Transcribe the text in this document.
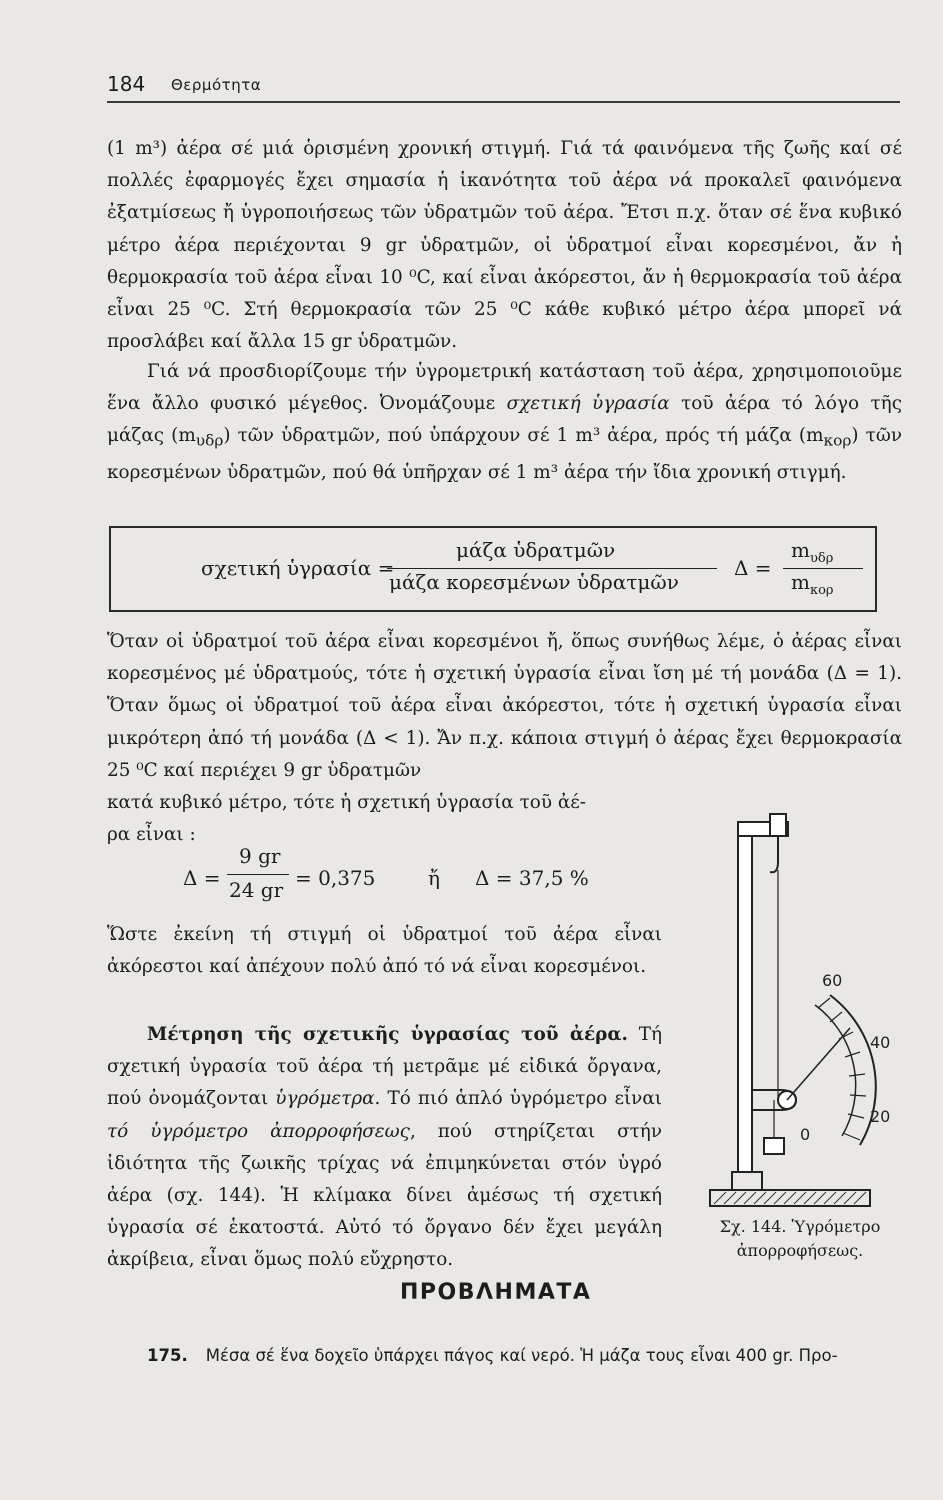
184 Θερμότητα

(1 m³) ἀέρα σέ μιά ὁρισμένη χρονική στιγμή. Γιά τά φαινόμενα τῆς ζωῆς καί σέ πολλές ἐφαρμογές ἔχει σημασία ἡ ἱκανότητα τοῦ ἀέρα νά προκαλεῖ φαινόμενα ἐξατμίσεως ἤ ὑγροποιήσεως τῶν ὑδρατμῶν τοῦ ἀέρα. Ἔτσι π.χ. ὅταν σέ ἕνα κυβικό μέτρο ἀέρα περιέχονται 9 gr ὑδρατμῶν, οἱ ὑδρατμοί εἶναι κορεσμένοι, ἄν ἡ θερμοκρασία τοῦ ἀέρα εἶναι 10 ⁰C, καί εἶναι ἀκόρεστοι, ἄν ἡ θερμοκρασία τοῦ ἀέρα εἶναι 25 ⁰C. Στή θερμοκρασία τῶν 25 ⁰C κάθε κυβικό μέτρο ἀέρα μπορεῖ νά προσλάβει καί ἄλλα 15 gr ὑδρατμῶν.

Γιά νά προσδιορίζουμε τήν ὑγρομετρική κατάσταση τοῦ ἀέρα, χρησιμοποιοῦμε ἕνα ἄλλο φυσικό μέγεθος. Ὀνομάζουμε σχετική ὑγρασία τοῦ ἀέρα τό λόγο τῆς μάζας $(m_{\upsilon\delta\rho})$ τῶν ὑδρατμῶν, πού ὑπάρχουν σέ 1 m³ ἀέρα, πρός τή μάζα $(m_{\kappa o\rho})$ τῶν κορεσμένων ὑδρατμῶν, πού θά ὑπῆρχαν σέ 1 m³ ἀέρα τήν ἴδια χρονική στιγμή.

σχετική ὑγρασία =
μάζα ὑδρατμῶν
μάζα κορεσμένων ὑδρατμῶν
Δ =
$m_{\upsilon\delta\rho}$
$m_{\kappa o\rho}$

Ὅταν οἱ ὑδρατμοί τοῦ ἀέρα εἶναι κορεσμένοι ἤ, ὅπως συνήθως λέμε, ὁ ἀέρας εἶναι κορεσμένος μέ ὑδρατμούς, τότε ἡ σχετική ὑγρασία εἶναι ἴση μέ τή μονάδα (Δ = 1). Ὅταν ὅμως οἱ ὑδρατμοί τοῦ ἀέρα εἶναι ἀκόρεστοι, τότε ἡ σχετική ὑγρασία εἶναι μικρότερη ἀπό τή μονάδα (Δ < 1). Ἄν π.χ. κάποια στιγμή ὁ ἀέρας ἔχει θερμοκρασία 25 ⁰C καί περιέχει 9 gr ὑδρατμῶν

κατά κυβικό μέτρο, τότε ἡ σχετική ὑγρασία τοῦ ἀέ-

ρα εἶναι :

Δ =
9 gr
24 gr = 0,375	ἤ Δ = 37,5 %

Ὥστε ἐκείνη τή στιγμή οἱ ὑδρατμοί τοῦ ἀέρα εἶναι ἀκόρεστοι καί ἀπέχουν πολύ ἀπό τό νά εἶναι κορεσμένοι.

Μέτρηση τῆς σχετικῆς ὑγρασίας τοῦ ἀέρα. Τή σχετική ὑγρασία τοῦ ἀέρα τή μετρᾶμε μέ εἰδικά ὄργανα, πού ὀνομάζονται ὑγρόμετρα. Τό πιό ἁπλό ὑγρόμετρο εἶναι τό ὑγρόμετρο ἀπορροφήσεως, πού στηρίζεται στήν ἰδιότητα τῆς ζωικῆς τρίχας νά ἐπιμηκύνεται στόν ὑγρό ἀέρα (σχ. 144). Ἡ κλίμακα δίνει ἀμέσως τή σχετική ὑγρασία σέ ἑκατοστά. Αὐτό τό ὄργανο δέν ἔχει μεγάλη ἀκρίβεια, εἶναι ὅμως πολύ εὔχρηστο.

60
40
20
0
Σχ. 144. Ὑγρόμετρο
ἀπορροφήσεως.
ΠΡΟΒΛΗΜΑΤΑ
175. Μέσα σέ ἕνα δοχεῖο ὑπάρχει πάγος καί νερό. Ἡ μάζα τους εἶναι 400 gr. Προ-
